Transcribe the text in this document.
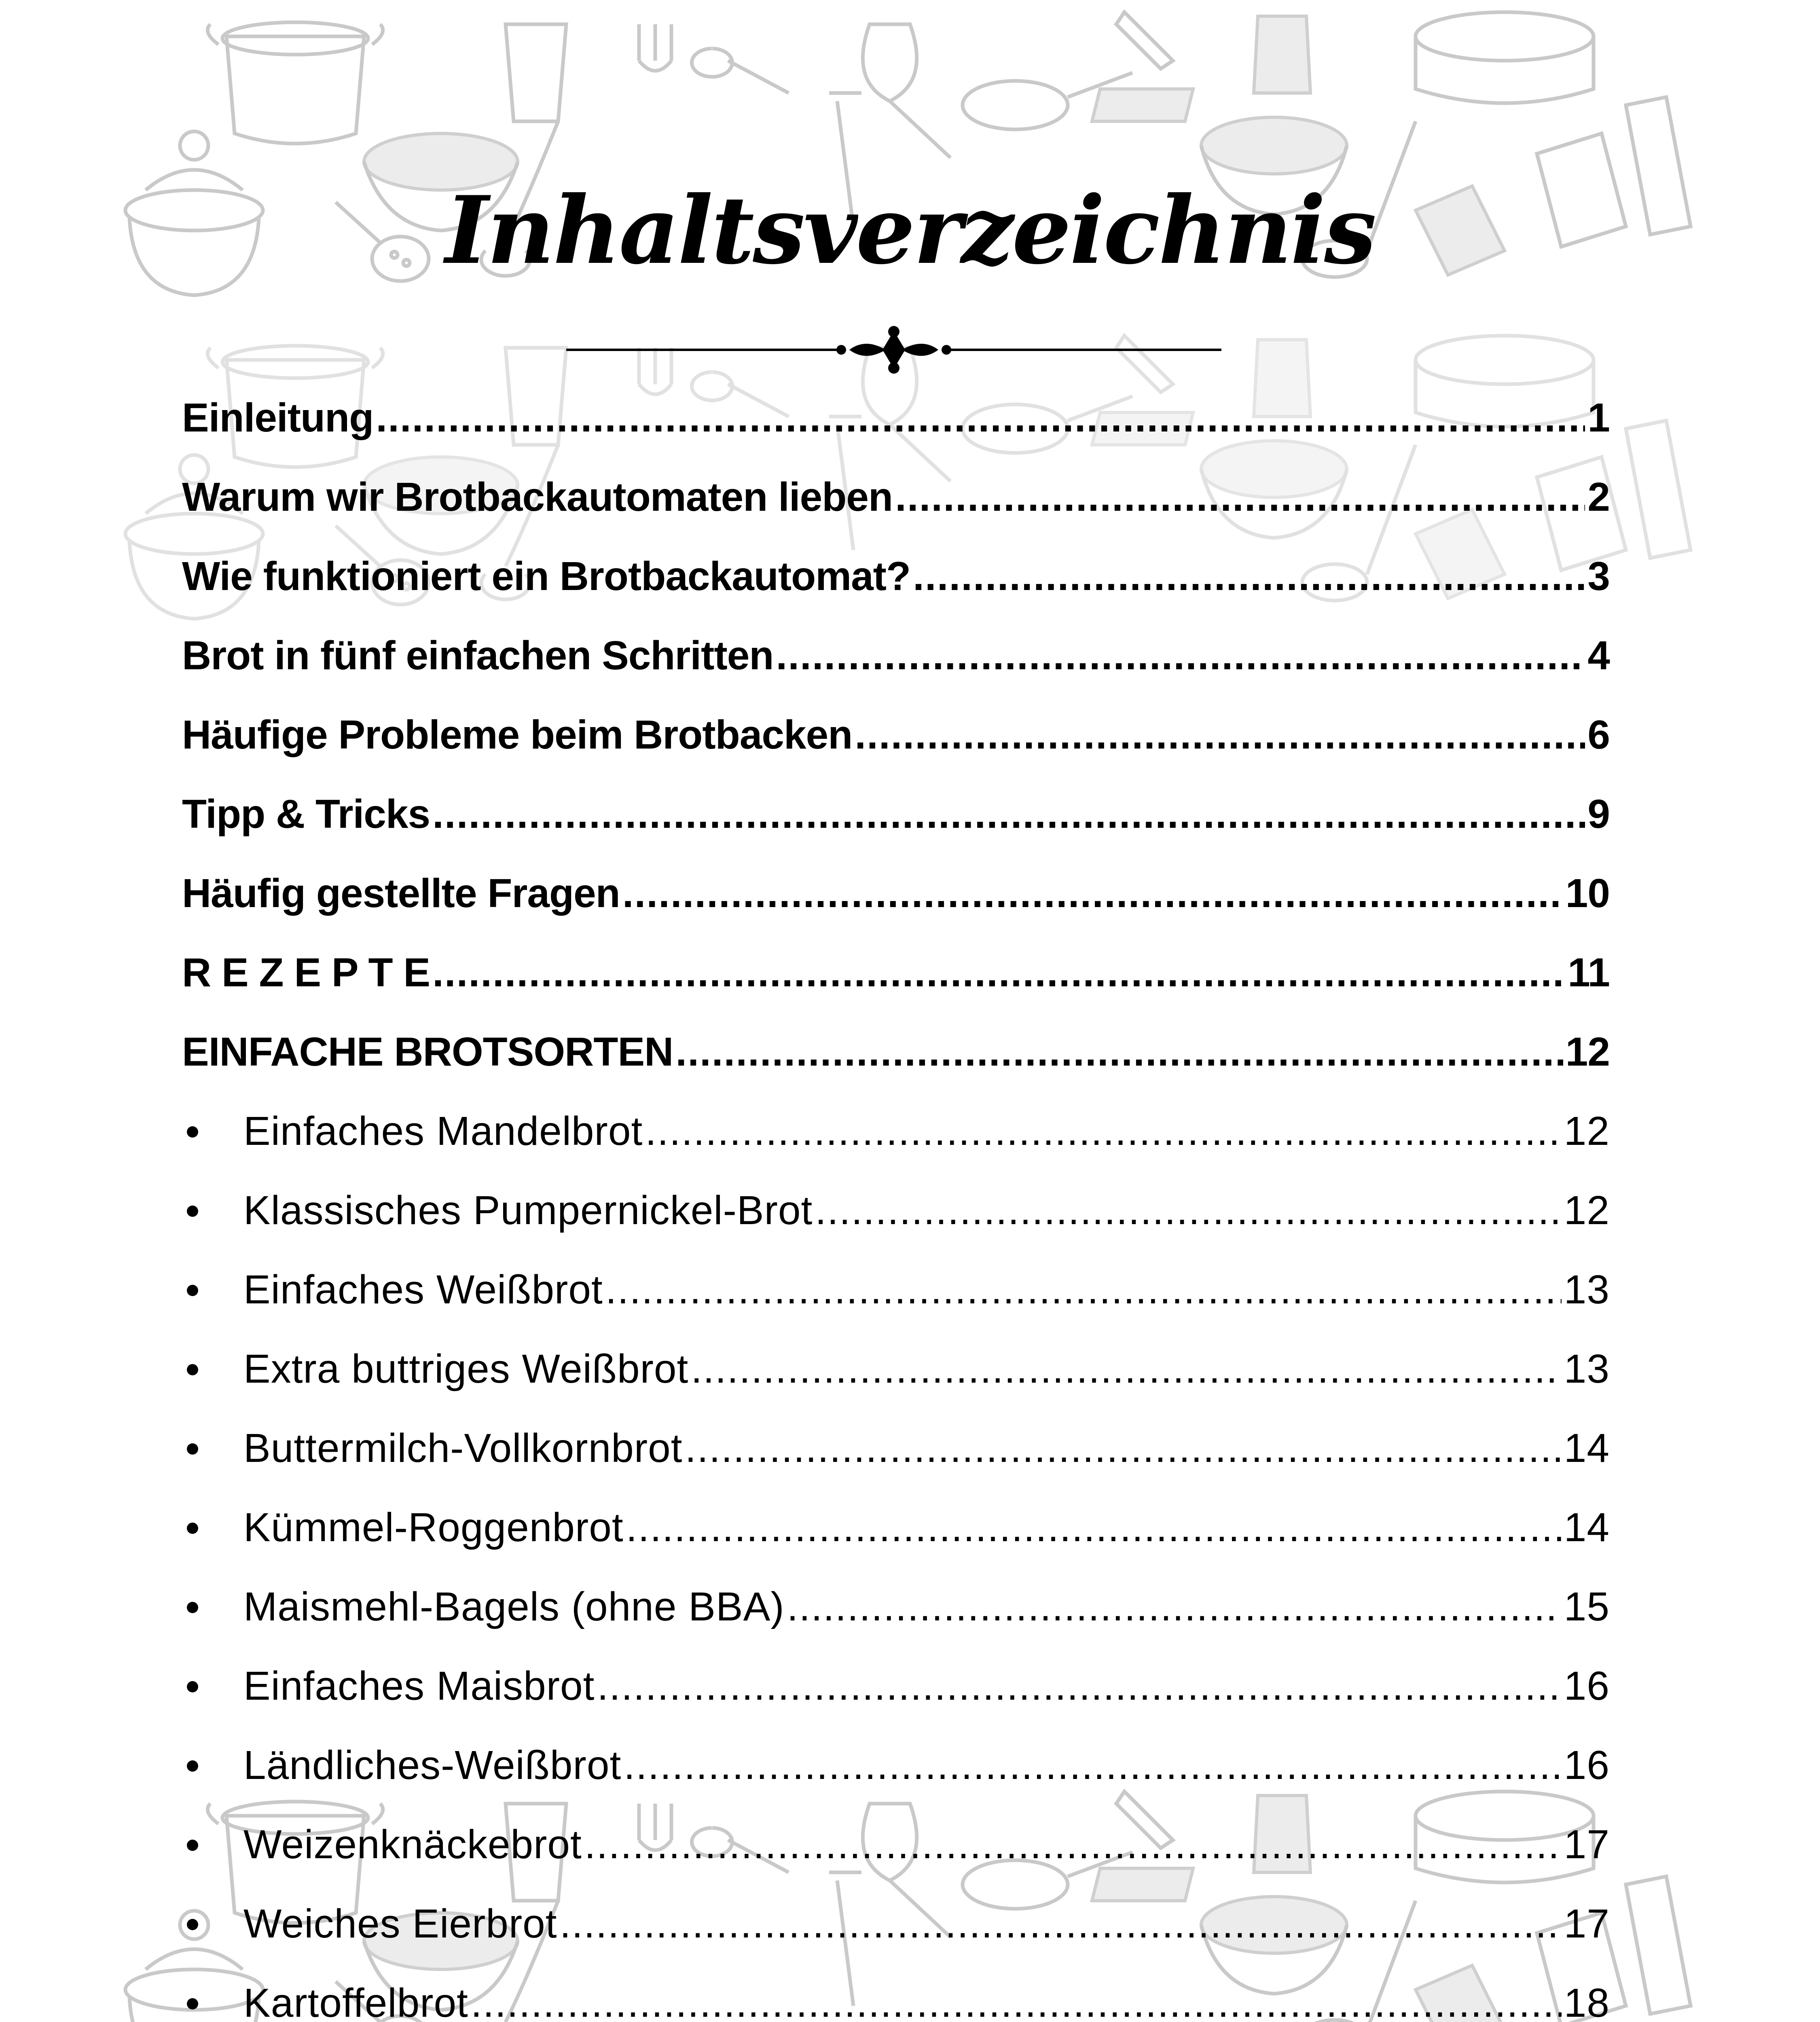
Inhaltsverzeichnis
Einleitung .....	1
Warum wir Brotbackautomaten lieben .....	2
Wie funktioniert ein Brotbackautomat? .....	3
Brot in fünf einfachen Schritten .....	4
Häufige Probleme beim Brotbacken .....	6
Tipp & Tricks .....	9
Häufig gestellte Fragen .....	10
R E Z E P T E .....	11
EINFACHE BROTSORTEN .....	12
Einfaches Mandelbrot .....	12
Klassisches Pumpernickel-Brot .....	12
Einfaches Weißbrot .....	13
Extra buttriges Weißbrot .....	13
Buttermilch-Vollkornbrot .....	14
Kümmel-Roggenbrot .....	14
Maismehl-Bagels (ohne BBA) .....	15
Einfaches Maisbrot .....	16
Ländliches-Weißbrot .....	16
Weizenknäckebrot .....	17
Weiches Eierbrot .....	17
Kartoffelbrot .....	18
